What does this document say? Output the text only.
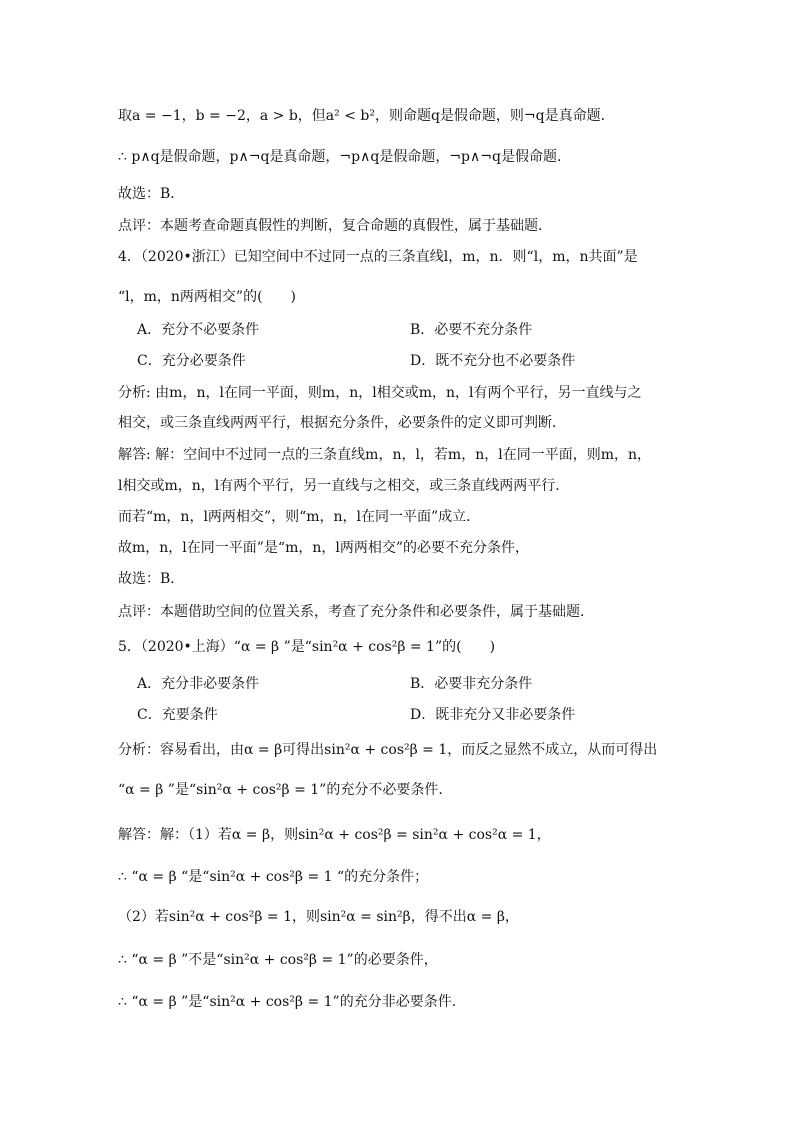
取a = −1，b = −2，a > b，但a² < b²，则命题q是假命题，则¬q是真命题．
∴ p∧q是假命题，p∧¬q是真命题，¬p∧q是假命题，¬p∧¬q是假命题．
故选：B．
点评：本题考查命题真假性的判断，复合命题的真假性，属于基础题．
4．（2020•浙江）已知空间中不过同一点的三条直线l，m，n．则“l，m，n共面”是
“l，m，n两两相交”的(　　)
A．充分不必要条件	B．必要不充分条件
C．充分必要条件	D．既不充分也不必要条件
分析: 由m，n，l在同一平面，则m，n，l相交或m，n，l有两个平行，另一直线与之
相交，或三条直线两两平行，根据充分条件，必要条件的定义即可判断．
解答: 解：空间中不过同一点的三条直线m，n，l，若m，n，l在同一平面，则m，n，
l相交或m，n，l有两个平行，另一直线与之相交，或三条直线两两平行．
而若“m，n，l两两相交”，则“m，n，l在同一平面”成立．
故m，n，l在同一平面”是“m，n，l两两相交”的必要不充分条件，
故选：B．
点评：本题借助空间的位置关系，考查了充分条件和必要条件，属于基础题．
5．（2020•上海）“α = β ”是“sin²α + cos²β = 1”的(　　)
A．充分非必要条件	B．必要非充分条件
C．充要条件	D．既非充分又非必要条件
分析：容易看出，由α = β可得出sin²α + cos²β = 1，而反之显然不成立，从而可得出
“α = β ”是“sin²α + cos²β = 1”的充分不必要条件.
解答：解：（1）若α = β，则sin²α + cos²β = sin²α + cos²α = 1，
∴ “α = β “是“sin²α + cos²β = 1 “的充分条件；
（2）若sin²α + cos²β = 1，则sin²α = sin²β，得不出α = β，
∴ “α = β ”不是“sin²α + cos²β = 1”的必要条件，
∴ “α = β ”是“sin²α + cos²β = 1”的充分非必要条件.
